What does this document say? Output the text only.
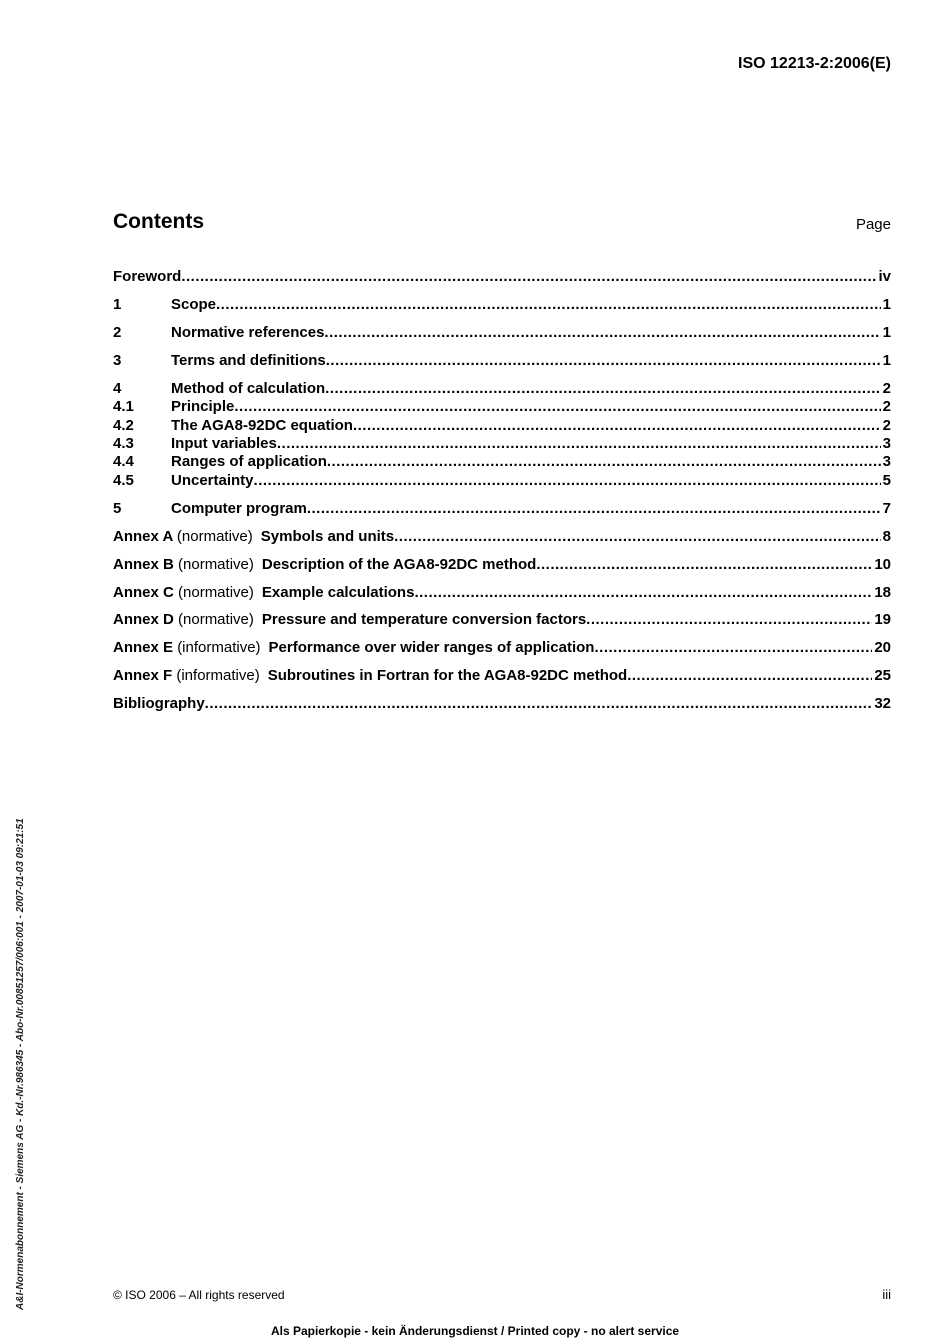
ISO 12213-2:2006(E)
Contents	Page
Foreword .....	iv
1	Scope .....	1
2	Normative references .....	1
3	Terms and definitions .....	1
4	Method of calculation .....	2
4.1	Principle .....	2
4.2	The AGA8-92DC equation .....	2
4.3	Input variables .....	3
4.4	Ranges of application .....	3
4.5	Uncertainty .....	5
5	Computer program .....	7
Annex A (normative) Symbols and units .....	8
Annex B (normative) Description of the AGA8-92DC method .....	10
Annex C (normative) Example calculations .....	18
Annex D (normative) Pressure and temperature conversion factors .....	19
Annex E (informative) Performance over wider ranges of application .....	20
Annex F (informative) Subroutines in Fortran for the AGA8-92DC method .....	25
Bibliography .....	32
A&I-Normenabonnement - Siemens AG - Kd.-Nr.986345 - Abo-Nr.00851257/006:001 - 2007-01-03 09:21:51	© ISO 2006 – All rights reserved	iii
Als Papierkopie - kein Änderungsdienst / Printed copy - no alert service
